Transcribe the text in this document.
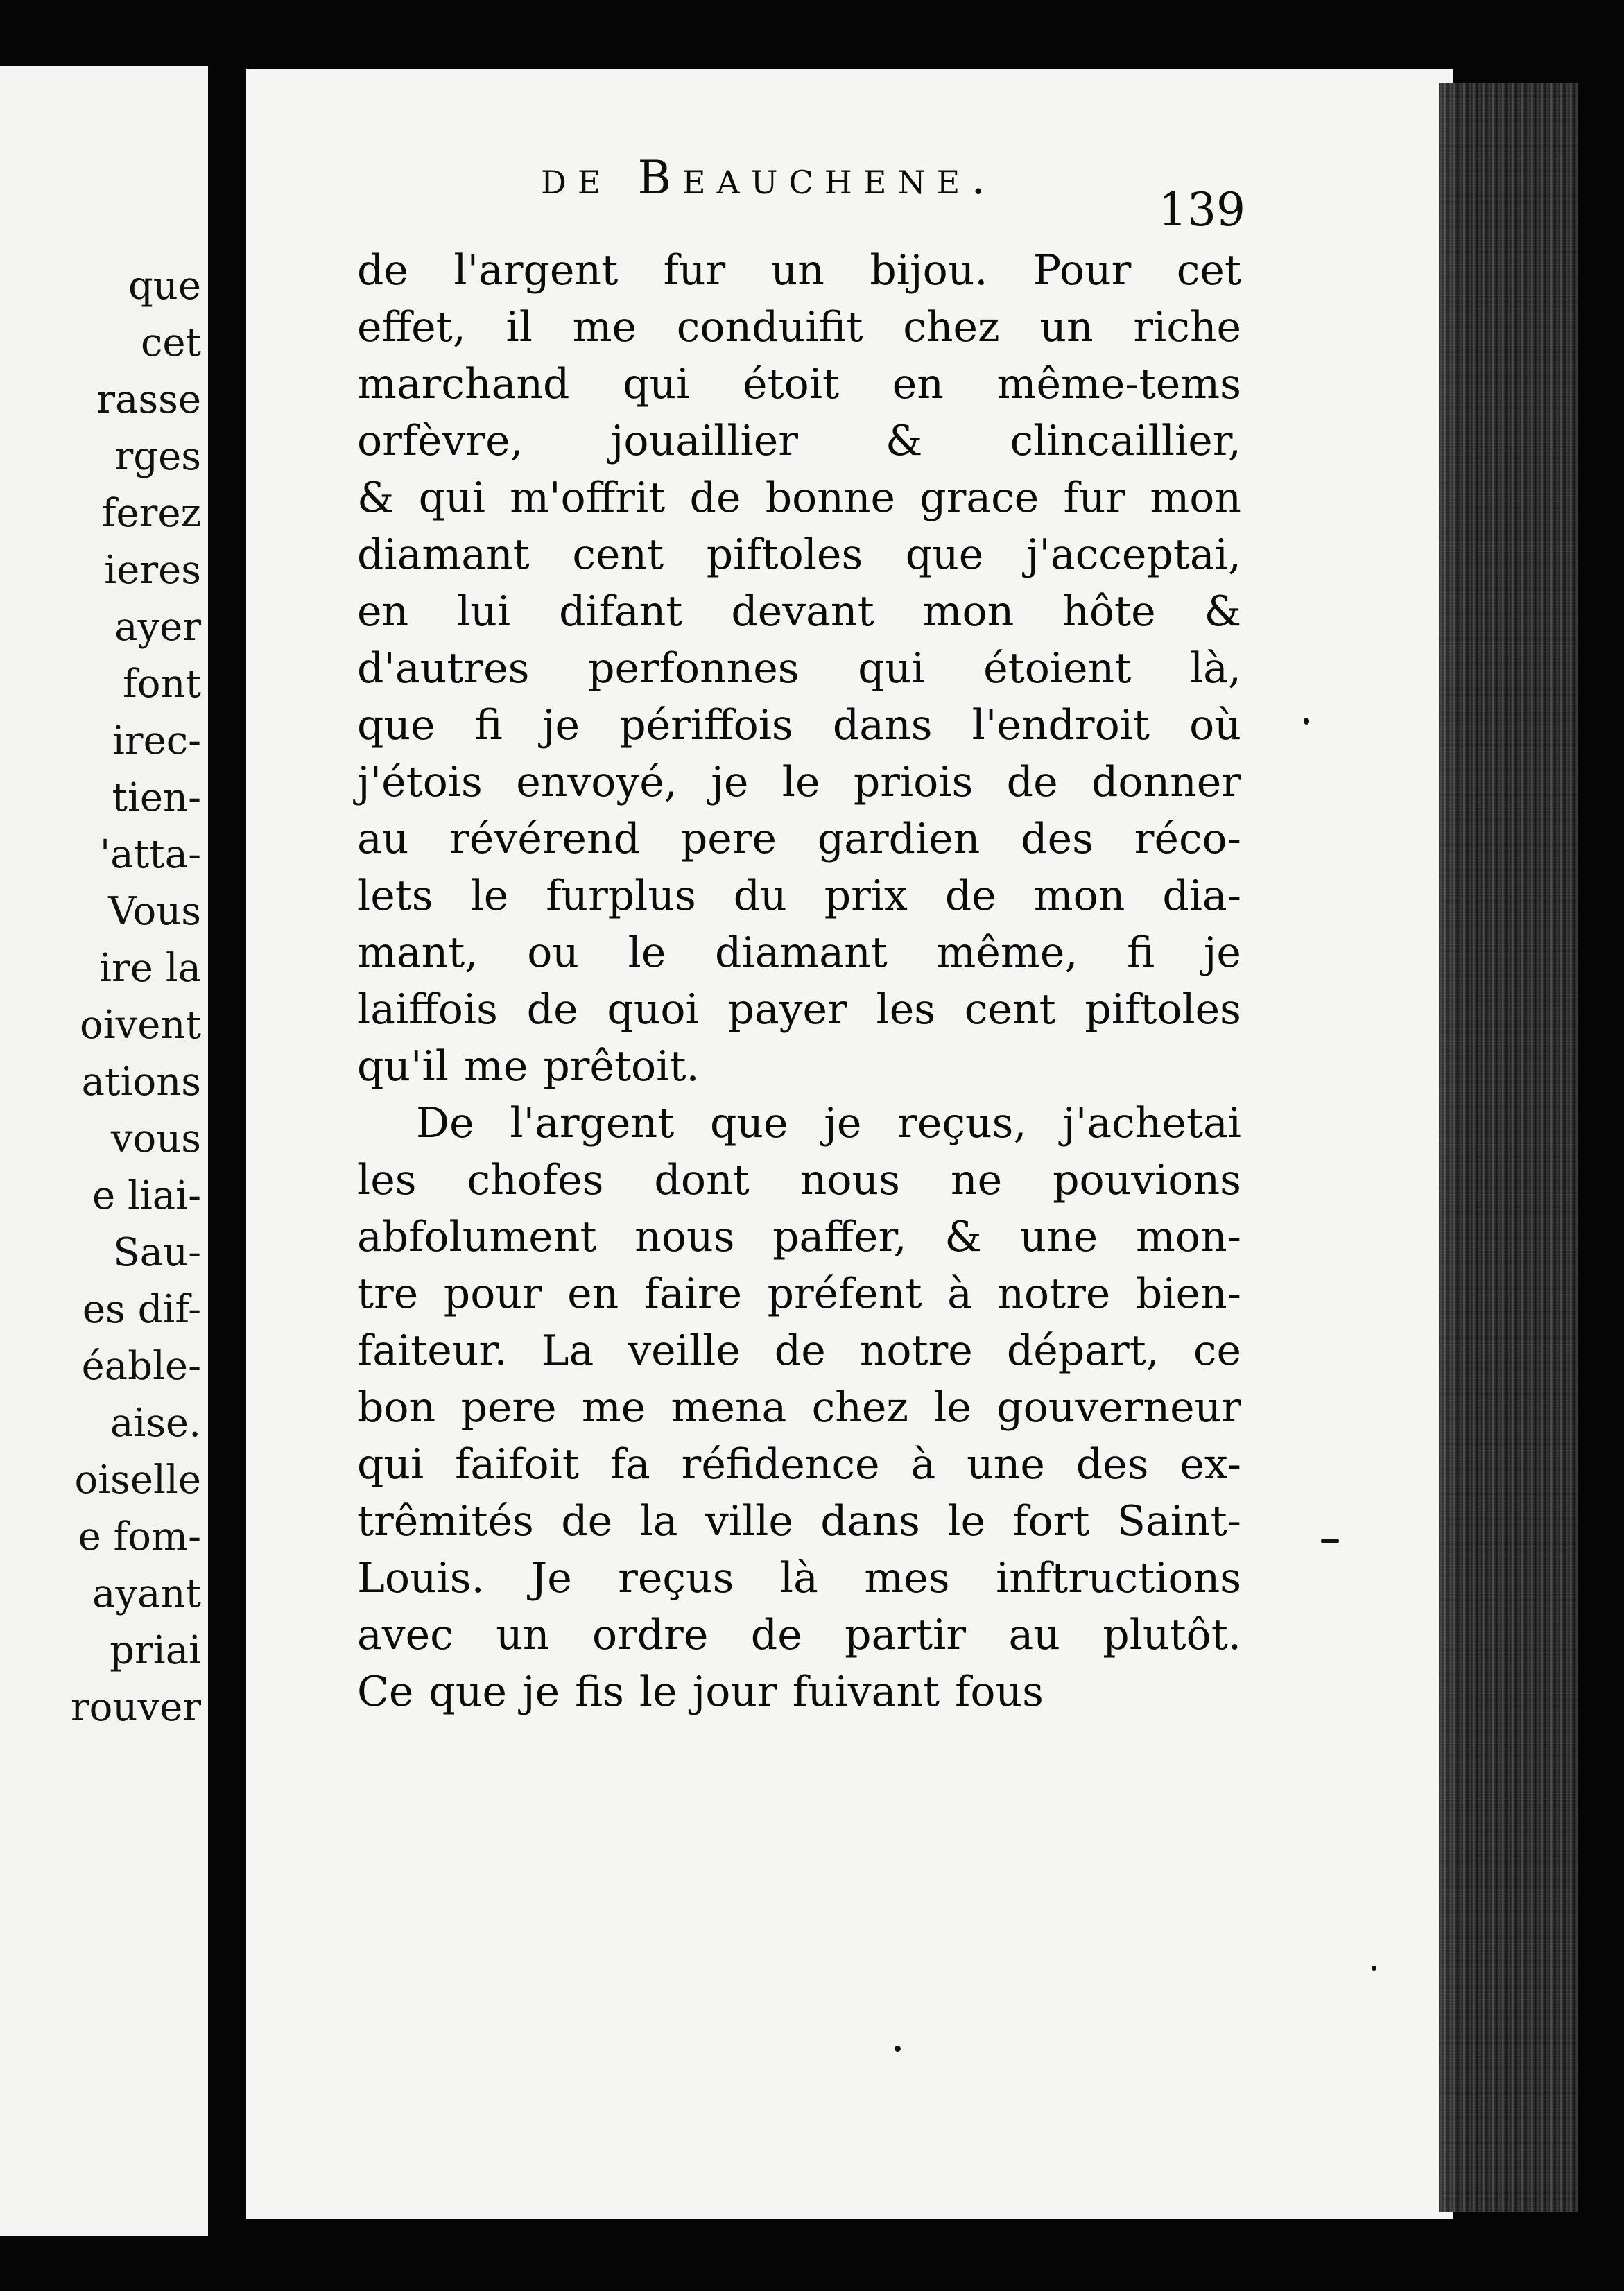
que
cet
rasse
rges
ferez
ieres
ayer
font
irec-
tien-
'atta-
Vous
ire la
oivent
ations
vous
e liai-
Sau-
es dif-
éable-
aise.
oiselle
e fom-
ayant
priai
rouver
de Beauchene.
139
de l'argent fur un bijou. Pour cet
effet, il me conduifit chez un riche
marchand qui étoit en même-tems
orfèvre, jouaillier & clincaillier,
& qui m'offrit de bonne grace fur mon
diamant cent piftoles que j'acceptai,
en lui difant devant mon hôte &
d'autres perfonnes qui étoient là,
que fi je périffois dans l'endroit où
j'étois envoyé, je le priois de donner
au révérend pere gardien des réco-
lets le furplus du prix de mon dia-
mant, ou le diamant même, fi je
laiffois de quoi payer les cent piftoles
qu'il me prêtoit.
De l'argent que je reçus, j'achetai
les chofes dont nous ne pouvions
abfolument nous paffer, & une mon-
tre pour en faire préfent à notre bien-
faiteur. La veille de notre départ, ce
bon pere me mena chez le gouverneur
qui faifoit fa réfidence à une des ex-
trêmités de la ville dans le fort Saint-
Louis. Je reçus là mes inftructions
avec un ordre de partir au plutôt.
Ce que je fis le jour fuivant fous
